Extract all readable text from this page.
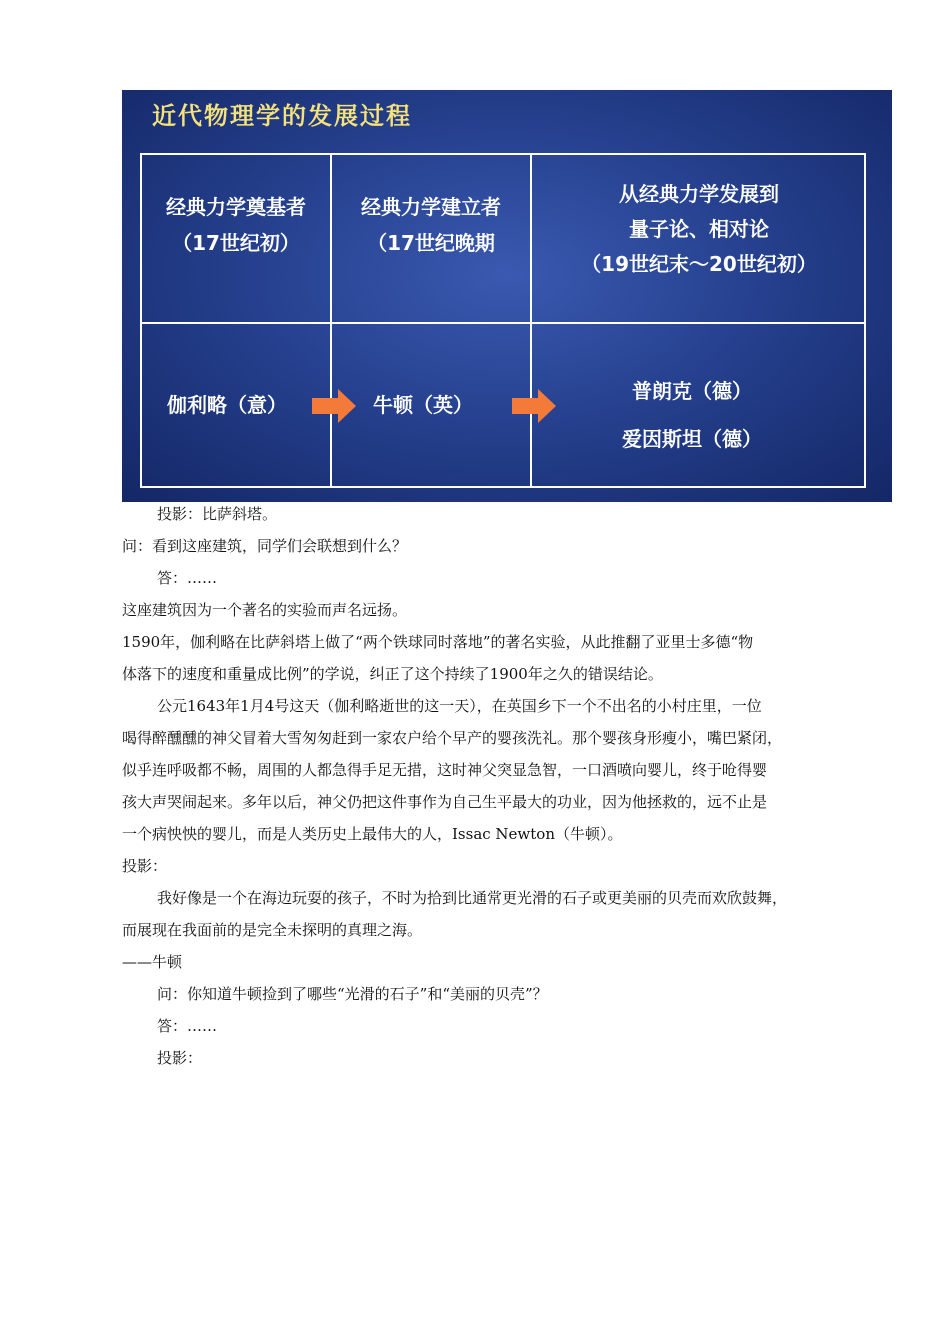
近代物理学的发展过程
经典力学奠基者
（17世纪初）
经典力学建立者
（17世纪晚期
从经典力学发展到
量子论、相对论
（19世纪末～20世纪初）
伽利略（意）	牛顿（英）
普朗克（德）
爱因斯坦（德）
投影：比萨斜塔。
问：看到这座建筑，同学们会联想到什么？
答：……
这座建筑因为一个著名的实验而声名远扬。
1590年，伽利略在比萨斜塔上做了“两个铁球同时落地”的著名实验，从此推翻了亚里士多德“物
体落下的速度和重量成比例”的学说，纠正了这个持续了1900年之久的错误结论。
公元1643年1月4号这天（伽利略逝世的这一天），在英国乡下一个不出名的小村庄里，一位
喝得醉醺醺的神父冒着大雪匆匆赶到一家农户给个早产的婴孩洗礼。那个婴孩身形瘦小，嘴巴紧闭，
似乎连呼吸都不畅，周围的人都急得手足无措，这时神父突显急智，一口酒喷向婴儿，终于呛得婴
孩大声哭闹起来。多年以后，神父仍把这件事作为自己生平最大的功业，因为他拯救的，远不止是
一个病怏怏的婴儿，而是人类历史上最伟大的人，Issac Newton（牛顿）。
投影：
我好像是一个在海边玩耍的孩子，不时为拾到比通常更光滑的石子或更美丽的贝壳而欢欣鼓舞，
而展现在我面前的是完全未探明的真理之海。
——牛顿
问：你知道牛顿捡到了哪些“光滑的石子”和“美丽的贝壳”？
答：……
投影：
